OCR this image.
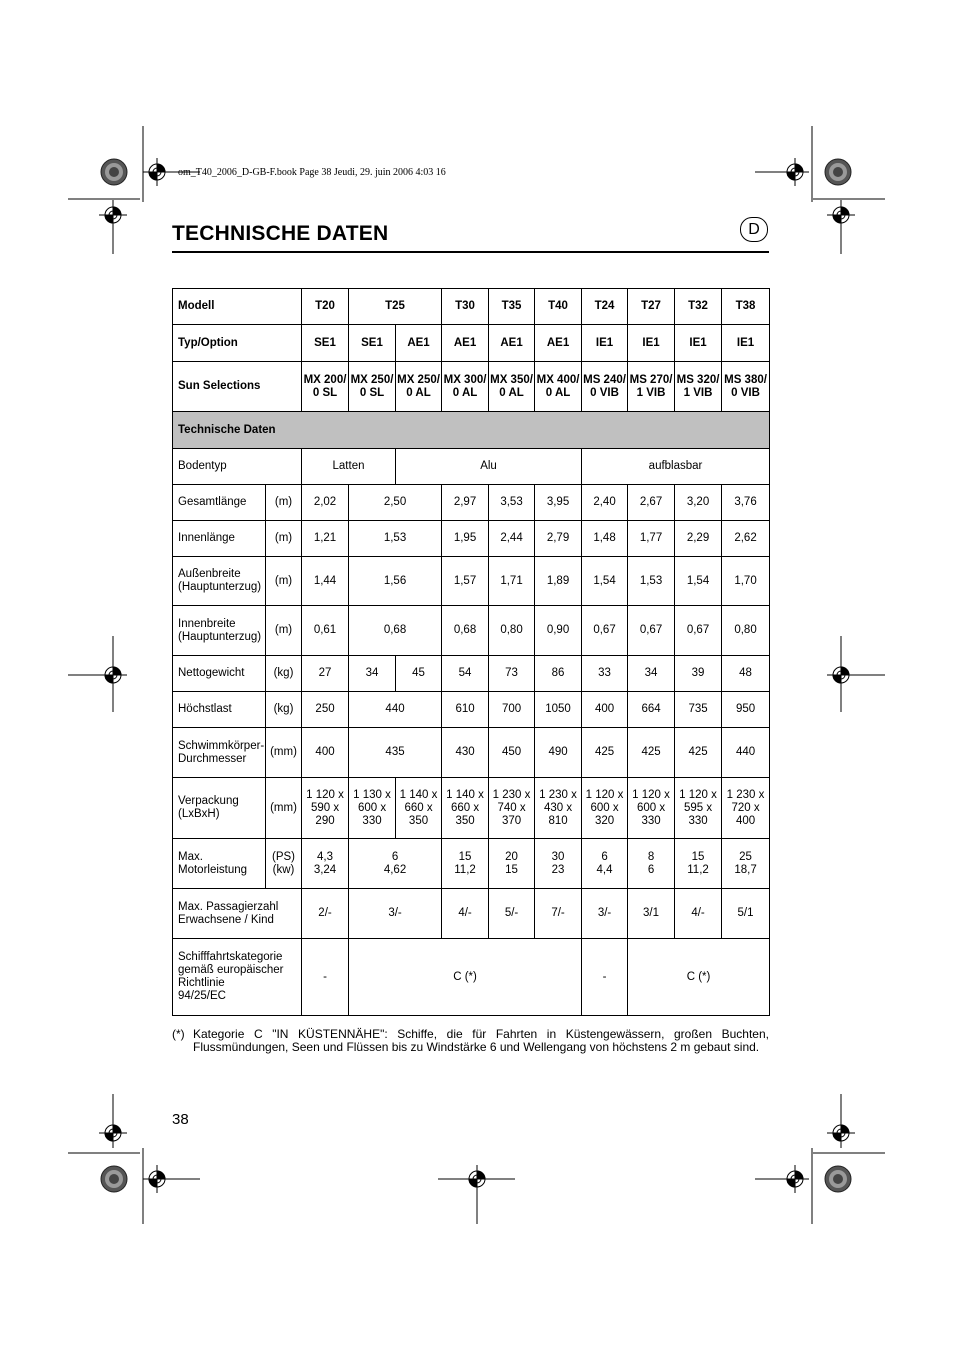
om_T40_2006_D-GB-F.book Page 38 Jeudi, 29. juin 2006 4:03 16
TECHNISCHE DATEN	D
Modell		T20	T25		T30	T35	T40	T24	T27	T32	T38
Typ/Option		SE1	SE1	AE1	AE1	AE1	AE1	IE1	IE1	IE1	IE1
Sun Selections		MX 200/
0 SL	MX 250/
0 SL	MX 250/
0 AL	MX 300/
0 AL	MX 350/
0 AL	MX 400/
0 AL	MS 240/
0 VIB	MS 270/
1 VIB	MS 320/
1 VIB	MS 380/
0 VIB
Technische Daten											
Bodentyp		Latten		Alu				aufblasbar			
Gesamtlänge	(m)	2,02	2,50		2,97	3,53	3,95	2,40	2,67	3,20	3,76
Innenlänge	(m)	1,21	1,53		1,95	2,44	2,79	1,48	1,77	2,29	2,62
Außenbreite
(Hauptunterzug)	(m)	1,44	1,56		1,57	1,71	1,89	1,54	1,53	1,54	1,70
Innenbreite
(Hauptunterzug)	(m)	0,61	0,68		0,68	0,80	0,90	0,67	0,67	0,67	0,80
Nettogewicht	(kg)	27	34	45	54	73	86	33	34	39	48
Höchstlast	(kg)	250	440		610	700	1050	400	664	735	950
Schwimmkörper-
Durchmesser	(mm)	400	435		430	450	490	425	425	425	440
Verpackung
(LxBxH)	(mm)	1 120 x
590 x
290	1 130 x
600 x
330	1 140 x
660 x
350	1 140 x
660 x
350	1 230 x
740 x
370	1 230 x
430 x
810	1 120 x
600 x
320	1 120 x
600 x
330	1 120 x
595 x
330	1 230 x
720 x
400
Max.
Motorleistung	(PS)
(kw)	4,3
3,24	6
4,62		15
11,2	20
15	30
23	6
4,4	8
6	15
11,2	25
18,7
Max. Passagierzahl
Erwachsene / Kind		2/-	3/-		4/-	5/-	7/-	3/-	3/1	4/-	5/1
Schifffahrtskategorie
gemäß europäischer
Richtlinie
94/25/EC		-	C (*)					-	C (*)		
(*) Kategorie C "IN KÜSTENNÄHE": Schiffe, die für Fahrten in Küstengewässern, großen Buchten, Flussmündungen, Seen und Flüssen bis zu Windstärke 6 und Wellengang von höchstens 2 m gebaut sind.
38
